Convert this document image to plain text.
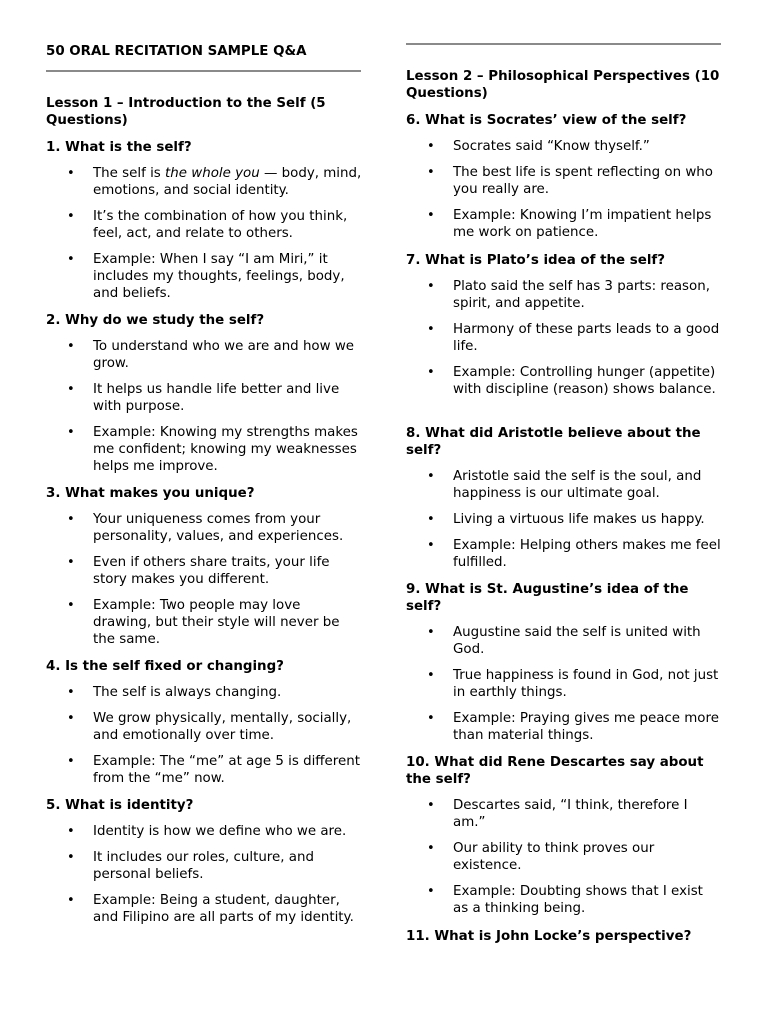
50 ORAL RECITATION SAMPLE Q&A

Lesson 1 – Introduction to the Self (5 Questions)

1. What is the self?

• The self is the whole you — body, mind, emotions, and social identity.
• It’s the combination of how you think, feel, act, and relate to others.
• Example: When I say “I am Miri,” it includes my thoughts, feelings, body, and beliefs.

2. Why do we study the self?

• To understand who we are and how we grow.
• It helps us handle life better and live with purpose.
• Example: Knowing my strengths makes me confident; knowing my weaknesses helps me improve.

3. What makes you unique?

• Your uniqueness comes from your personality, values, and experiences.
• Even if others share traits, your life story makes you different.
• Example: Two people may love drawing, but their style will never be the same.

4. Is the self fixed or changing?

• The self is always changing.
• We grow physically, mentally, socially, and emotionally over time.
• Example: The “me” at age 5 is different from the “me” now.

5. What is identity?

• Identity is how we define who we are.
• It includes our roles, culture, and personal beliefs.
• Example: Being a student, daughter, and Filipino are all parts of my identity.

Lesson 2 – Philosophical Perspectives (10 Questions)

6. What is Socrates’ view of the self?

• Socrates said “Know thyself.”
• The best life is spent reflecting on who you really are.
• Example: Knowing I’m impatient helps me work on patience.

7. What is Plato’s idea of the self?

• Plato said the self has 3 parts: reason, spirit, and appetite.
• Harmony of these parts leads to a good life.
• Example: Controlling hunger (appetite) with discipline (reason) shows balance.

8. What did Aristotle believe about the self?

• Aristotle said the self is the soul, and happiness is our ultimate goal.
• Living a virtuous life makes us happy.
• Example: Helping others makes me feel fulfilled.

9. What is St. Augustine’s idea of the self?

• Augustine said the self is united with God.
• True happiness is found in God, not just in earthly things.
• Example: Praying gives me peace more than material things.

10. What did Rene Descartes say about the self?

• Descartes said, “I think, therefore I am.”
• Our ability to think proves our existence.
• Example: Doubting shows that I exist as a thinking being.

11. What is John Locke’s perspective?
